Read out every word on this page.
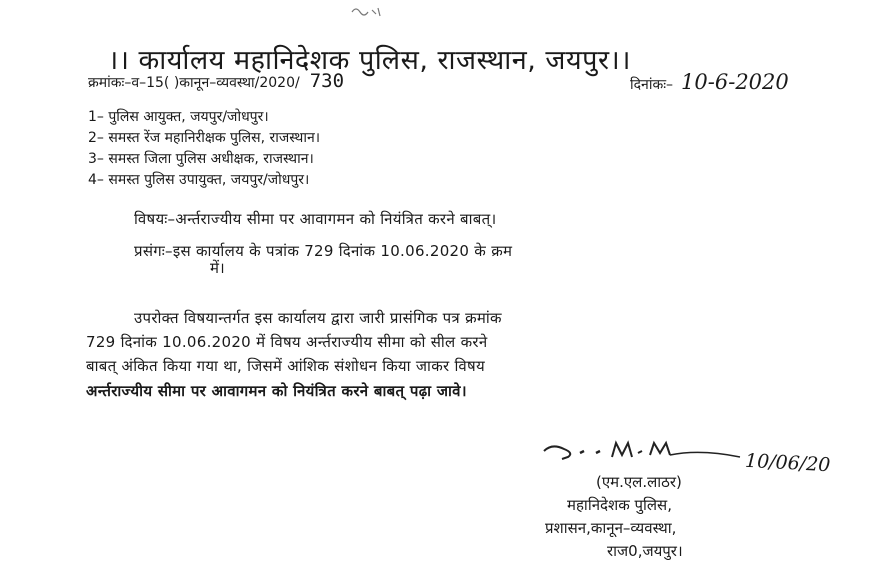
।। कार्यालय महानिदेशक पुलिस, राजस्थान, जयपुर।।
क्रमांकः–व–15( )कानून–व्यवस्था/2020/ 730	दिनांकः– 10-6-2020
1– पुलिस आयुक्त, जयपुर/जोधपुर।
2– समस्त रेंज महानिरीक्षक पुलिस, राजस्थान।
3– समस्त जिला पुलिस अधीक्षक, राजस्थान।
4– समस्त पुलिस उपायुक्त, जयपुर/जोधपुर।
विषयः–अर्न्तराज्यीय सीमा पर आवागमन को नियंत्रित करने बाबत्।
प्रसंगः–इस कार्यालय के पत्रांक 729 दिनांक 10.06.2020 के क्रम
में।
उपरोक्त विषयान्तर्गत इस कार्यालय द्वारा जारी प्रासंगिक पत्र क्रमांक
729 दिनांक 10.06.2020 में विषय अर्न्तराज्यीय सीमा को सील करने
बाबत् अंकित किया गया था, जिसमें आंशिक संशोधन किया जाकर विषय
अर्न्तराज्यीय सीमा पर आवागमन को नियंत्रित करने बाबत् पढ़ा जावे।
10/06/20
(एम.एल.लाठर)
महानिदेशक पुलिस,
प्रशासन,कानून–व्यवस्था,
राज0,जयपुर।
